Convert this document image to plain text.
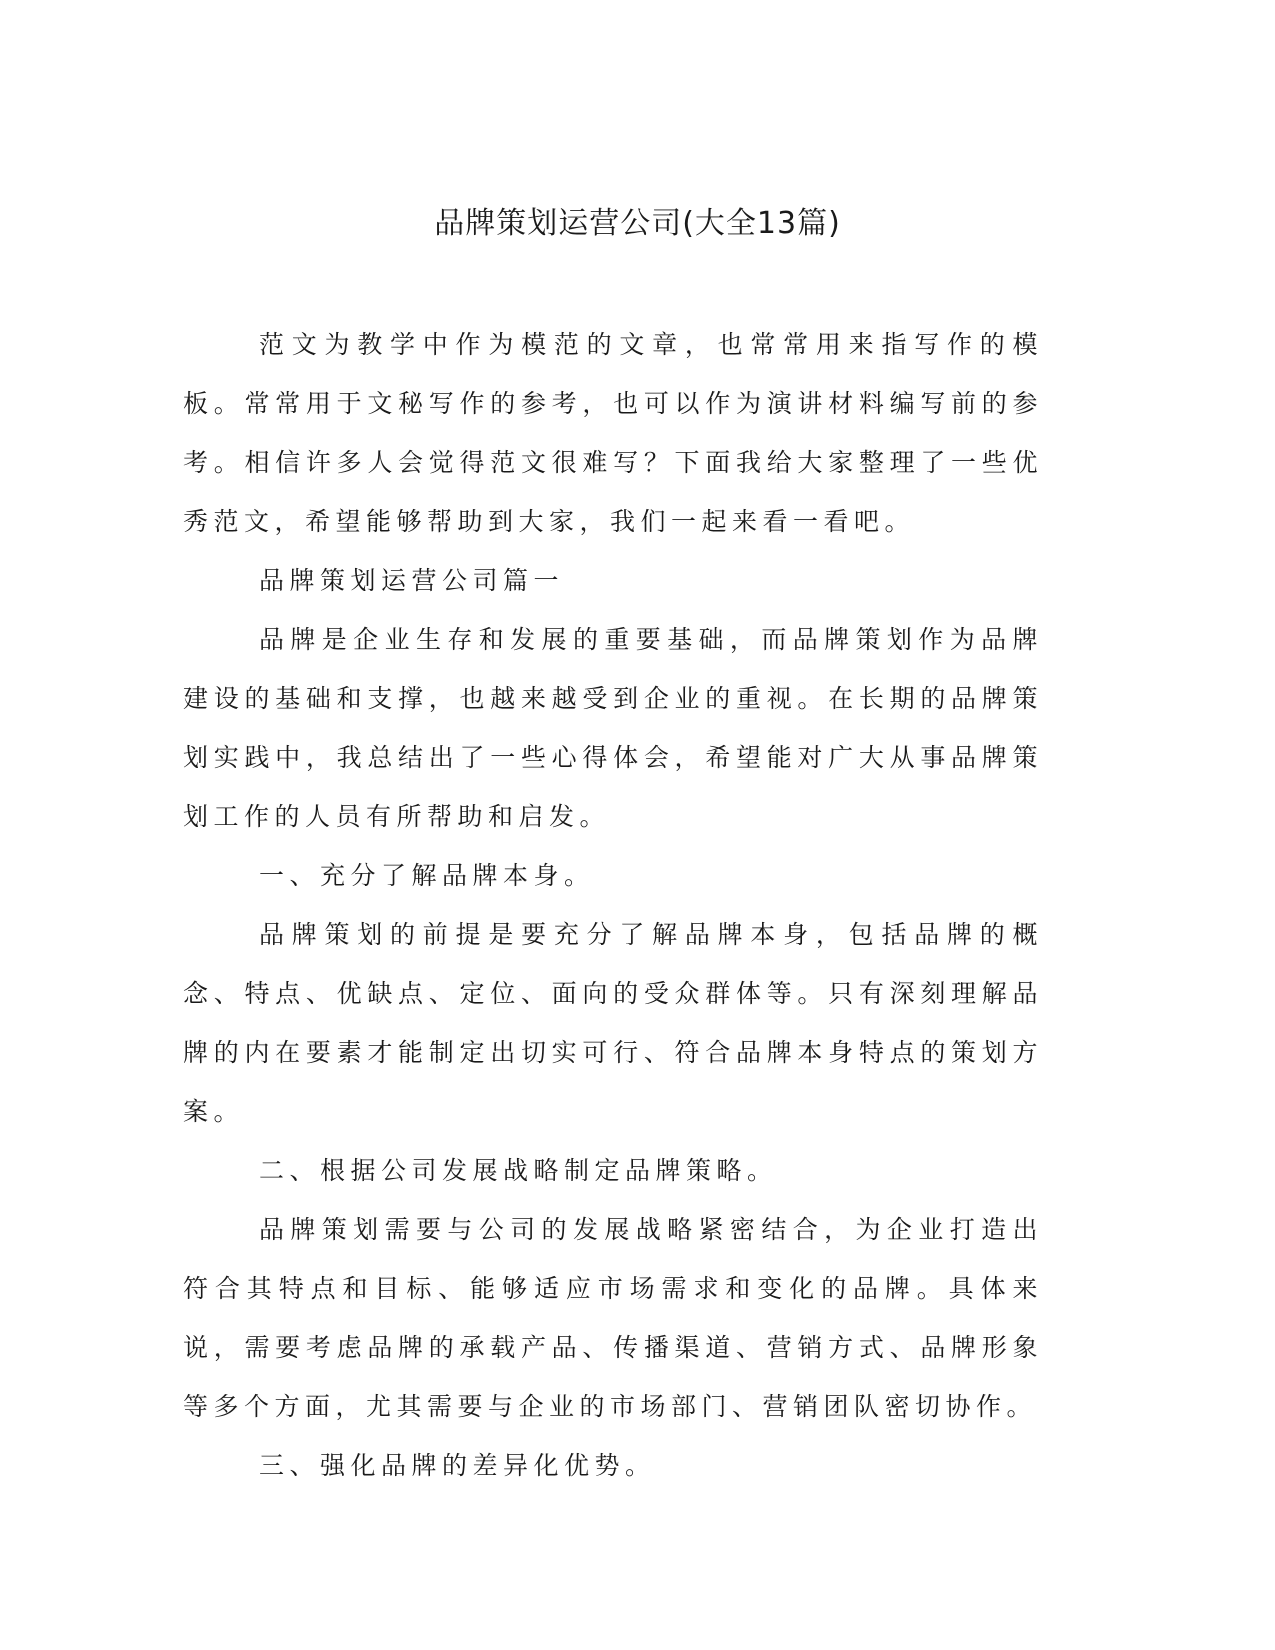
品牌策划运营公司(大全13篇)

范文为教学中作为模范的文章，也常常用来指写作的模板。常常用于文秘写作的参考，也可以作为演讲材料编写前的参考。相信许多人会觉得范文很难写？下面我给大家整理了一些优秀范文，希望能够帮助到大家，我们一起来看一看吧。

品牌策划运营公司篇一

品牌是企业生存和发展的重要基础，而品牌策划作为品牌建设的基础和支撑，也越来越受到企业的重视。在长期的品牌策划实践中，我总结出了一些心得体会，希望能对广大从事品牌策划工作的人员有所帮助和启发。

一、充分了解品牌本身。

品牌策划的前提是要充分了解品牌本身，包括品牌的概念、特点、优缺点、定位、面向的受众群体等。只有深刻理解品牌的内在要素才能制定出切实可行、符合品牌本身特点的策划方案。

二、根据公司发展战略制定品牌策略。

品牌策划需要与公司的发展战略紧密结合，为企业打造出符合其特点和目标、能够适应市场需求和变化的品牌。具体来说，需要考虑品牌的承载产品、传播渠道、营销方式、品牌形象等多个方面，尤其需要与企业的市场部门、营销团队密切协作。

三、强化品牌的差异化优势。
